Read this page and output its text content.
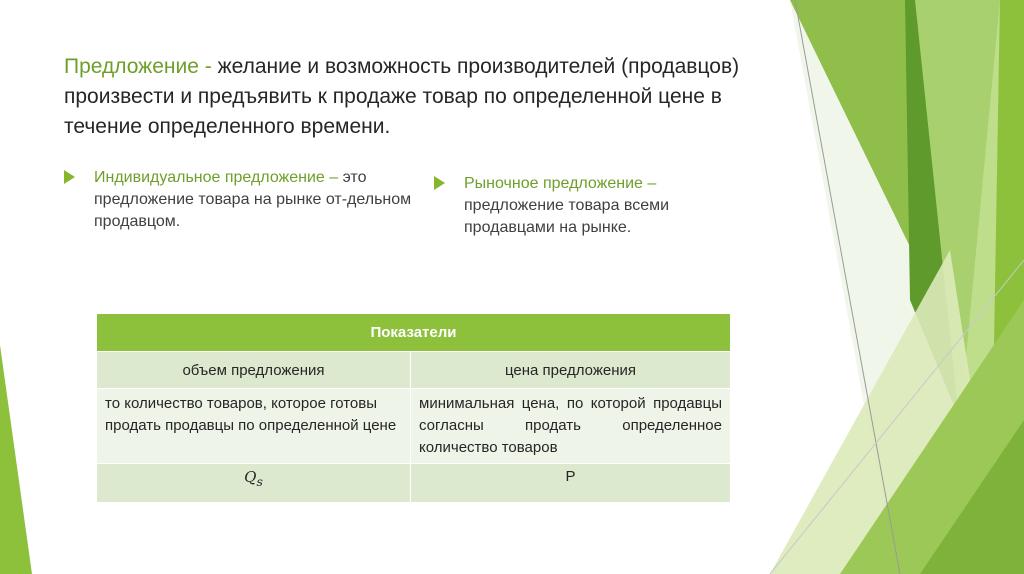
Предложение - желание и возможность производителей (продавцов) произвести и предъявить к продаже товар по определенной цене в течение определенного времени.
Индивидуальное предложение – это предложение товара на рынке от-дельном продавцом.
Рыночное предложение – предложение товара всеми продавцами на рынке.
Показатели	
объем предложения	цена предложения
то количество товаров, которое готовы продать продавцы по определенной цене	минимальная цена, по которой продавцы согласны продать определенное количество товаров
$Q_s$	P
